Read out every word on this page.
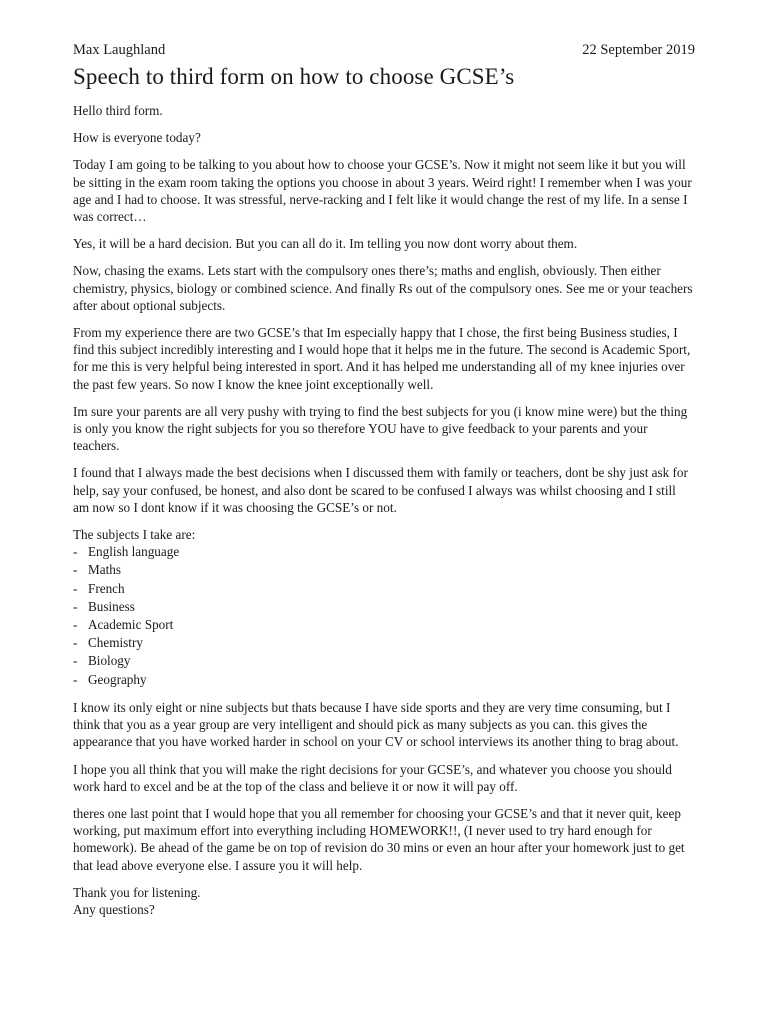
Max Laughland	22 September 2019
Speech to third form on how to choose GCSE’s

Hello third form.

How is everyone today?

Today I am going to be talking to you about how to choose your GCSE’s. Now it might not seem like it but you will be sitting in the exam room taking the options you choose in about 3 years. Weird right! I remember when I was your age and I had to choose. It was stressful, nerve-racking and I felt like it would change the rest of my life. In a sense I was correct…

Yes, it will be a hard decision. But you can all do it. Im telling you now dont worry about them.

Now, chasing the exams. Lets start with the compulsory ones there’s; maths and english, obviously. Then either chemistry, physics, biology or combined science. And finally Rs out of the compulsory ones. See me or your teachers after about optional subjects.

From my experience there are two GCSE’s that Im especially happy that I chose, the first being Business studies, I find this subject incredibly interesting and I would hope that it helps me in the future. The second is Academic Sport, for me this is very helpful being interested in sport. And it has helped me understanding all of my knee injuries over the past few years. So now I know the knee joint exceptionally well.

Im sure your parents are all very pushy with trying to find the best subjects for you (i know mine were) but the thing is only you know the right subjects for you so therefore YOU have to give feedback to your parents and your teachers.

I found that I always made the best decisions when I discussed them with family or teachers, dont be shy just ask for help, say your confused, be honest, and also dont be scared to be confused I always was whilst choosing and I still am now so I dont know if it was choosing the GCSE’s or not.

The subjects I take are:

- English language
- Maths
- French
- Business
- Academic Sport
- Chemistry
- Biology
- Geography

I know its only eight or nine subjects but thats because I have side sports and they are very time consuming, but I think that you as a year group are very intelligent and should pick as many subjects as you can. this gives the appearance that you have worked harder in school on your CV or school interviews its another thing to brag about.

I hope you all think that you will make the right decisions for your GCSE’s, and whatever you choose you should work hard to excel and be at the top of the class and believe it or now it will pay off.

theres one last point that I would hope that you all remember for choosing your GCSE’s and that it never quit, keep working, put maximum effort into everything including HOMEWORK!!, (I never used to try hard enough for homework). Be ahead of the game be on top of revision do 30 mins or even an hour after your homework just to get that lead above everyone else. I assure you it will help.

Thank you for listening.

Any questions?
